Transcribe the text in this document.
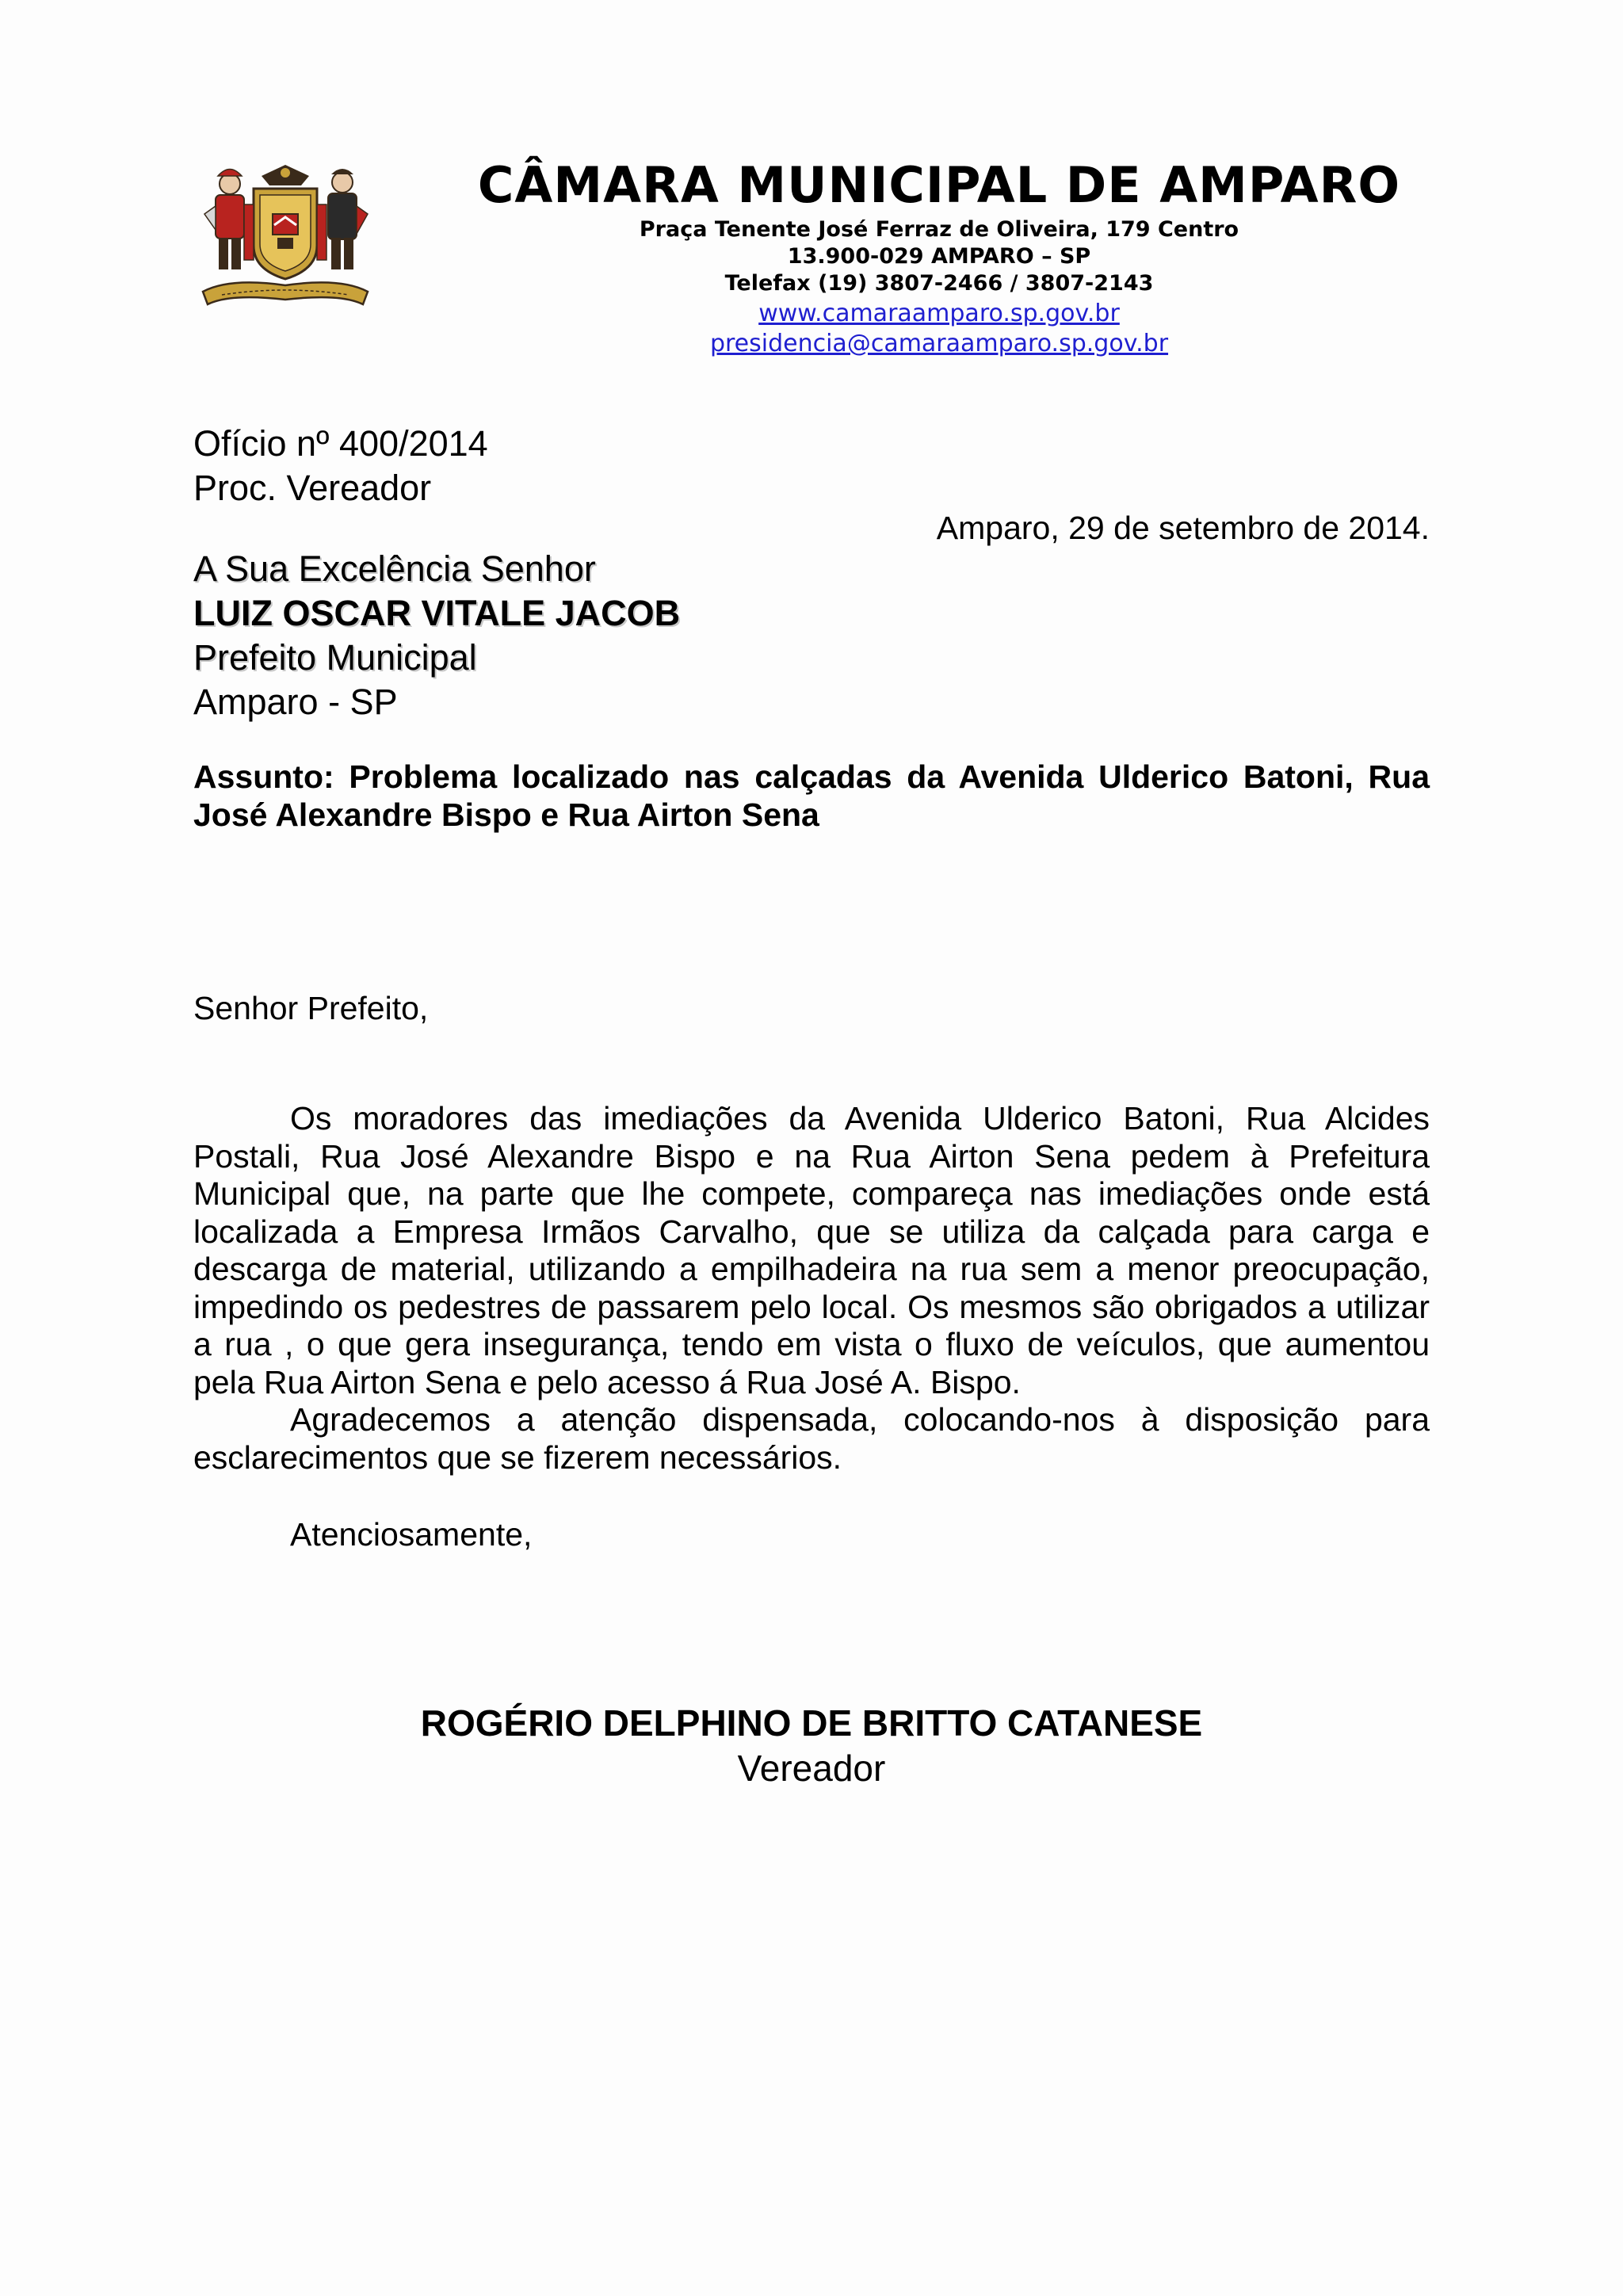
CÂMARA MUNICIPAL DE AMPARO

Praça Tenente José Ferraz de Oliveira, 179 Centro

13.900-029 AMPARO – SP

Telefax (19) 3807-2466 / 3807-2143

www.camaraamparo.sp.gov.br
presidencia@camaraamparo.sp.gov.br
Ofício nº 400/2014
Proc. Vereador
Amparo, 29 de setembro de 2014.
A Sua Excelência Senhor
LUIZ OSCAR VITALE JACOB
Prefeito Municipal
Amparo - SP
Assunto: Problema localizado nas calçadas da Avenida Ulderico Batoni, Rua José Alexandre Bispo e Rua Airton Sena
Senhor Prefeito,

Os moradores das imediações da Avenida Ulderico Batoni, Rua Alcides Postali, Rua José Alexandre Bispo e na Rua Airton Sena pedem à Prefeitura Municipal que, na parte que lhe compete, compareça nas imediações onde está localizada a Empresa Irmãos Carvalho, que se utiliza da calçada para carga e descarga de material, utilizando a empilhadeira na rua sem a menor preocupação, impedindo os pedestres de passarem pelo local. Os mesmos são obrigados a utilizar a rua , o que gera insegurança, tendo em vista o fluxo de veículos, que aumentou pela Rua Airton Sena e pelo acesso á Rua José A. Bispo.

Agradecemos a atenção dispensada, colocando-nos à disposição para esclarecimentos que se fizerem necessários.

Atenciosamente,
ROGÉRIO DELPHINO DE BRITTO CATANESE
Vereador
